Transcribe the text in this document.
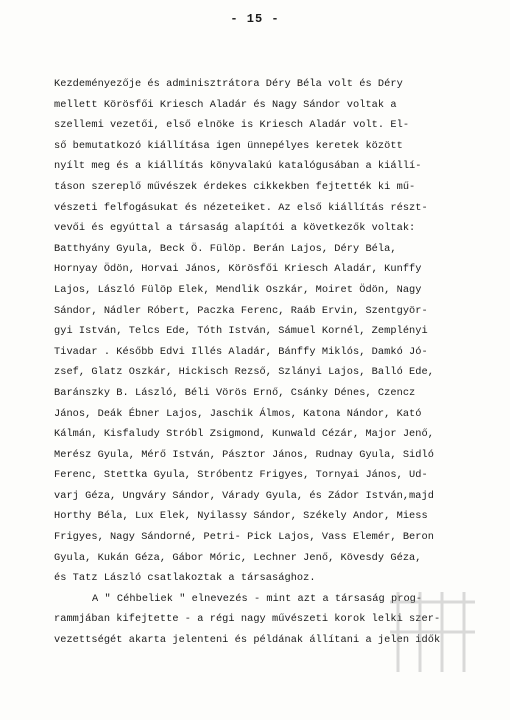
- 15 -
Kezdeményezője és adminisztrátora Déry Béla volt és Déry
mellett Körösfői Kriesch Aladár és Nagy Sándor voltak a
szellemi vezetői, első elnöke is Kriesch Aladár volt. El-
ső bemutatkozó kiállítása igen ünnepélyes keretek között
nyílt meg és a kiállítás könyvalakú katalógusában a kiállí-
táson szereplő művészek érdekes cikkekben fejtették ki mű-
vészeti felfogásukat és nézeteiket. Az első kiállítás részt-
vevői és egyúttal a társaság alapítói a következők voltak:
Batthyány Gyula, Beck Ö. Fülöp. Berán Lajos, Déry Béla,
Hornyay Ödön, Horvai János, Körösfői Kriesch Aladár, Kunffy
Lajos, László Fülöp Elek, Mendlik Oszkár, Moiret Ödön, Nagy
Sándor, Nádler Róbert, Paczka Ferenc, Raáb Ervin, Szentgyör-
gyi István, Telcs Ede, Tóth István, Sámuel Kornél, Zemplényi
Tivadar . Később Edvi Illés Aladár, Bánffy Miklós, Damkó Jó-
zsef, Glatz Oszkár, Hickisch Rezső, Szlányi Lajos, Balló Ede,
Baránszky B. László, Béli Vörös Ernő, Csánky Dénes, Czencz
János, Deák Ébner Lajos, Jaschik Álmos, Katona Nándor, Kató
Kálmán, Kisfaludy Stróbl Zsigmond, Kunwald Cézár, Major Jenő,
Merész Gyula, Mérő István, Pásztor János, Rudnay Gyula, Sidló
Ferenc, Stettka Gyula, Stróbentz Frigyes, Tornyai János, Ud-
varj Géza, Ungváry Sándor, Várady Gyula, és Zádor István,majd
Horthy Béla, Lux Elek, Nyilassy Sándor, Székely Andor, Miess
Frigyes, Nagy Sándorné, Petri- Pick Lajos, Vass Elemér, Beron
Gyula, Kukán Géza, Gábor Móric, Lechner Jenő, Kövesdy Géza,
és Tatz László csatlakoztak a társasághoz.
A " Céhbeliek " elnevezés - mint azt a társaság prog-
rammjában kifejtette - a régi nagy művészeti korok lelki szer-
vezettségét akarta jelenteni és példának állítani a jelen idők
